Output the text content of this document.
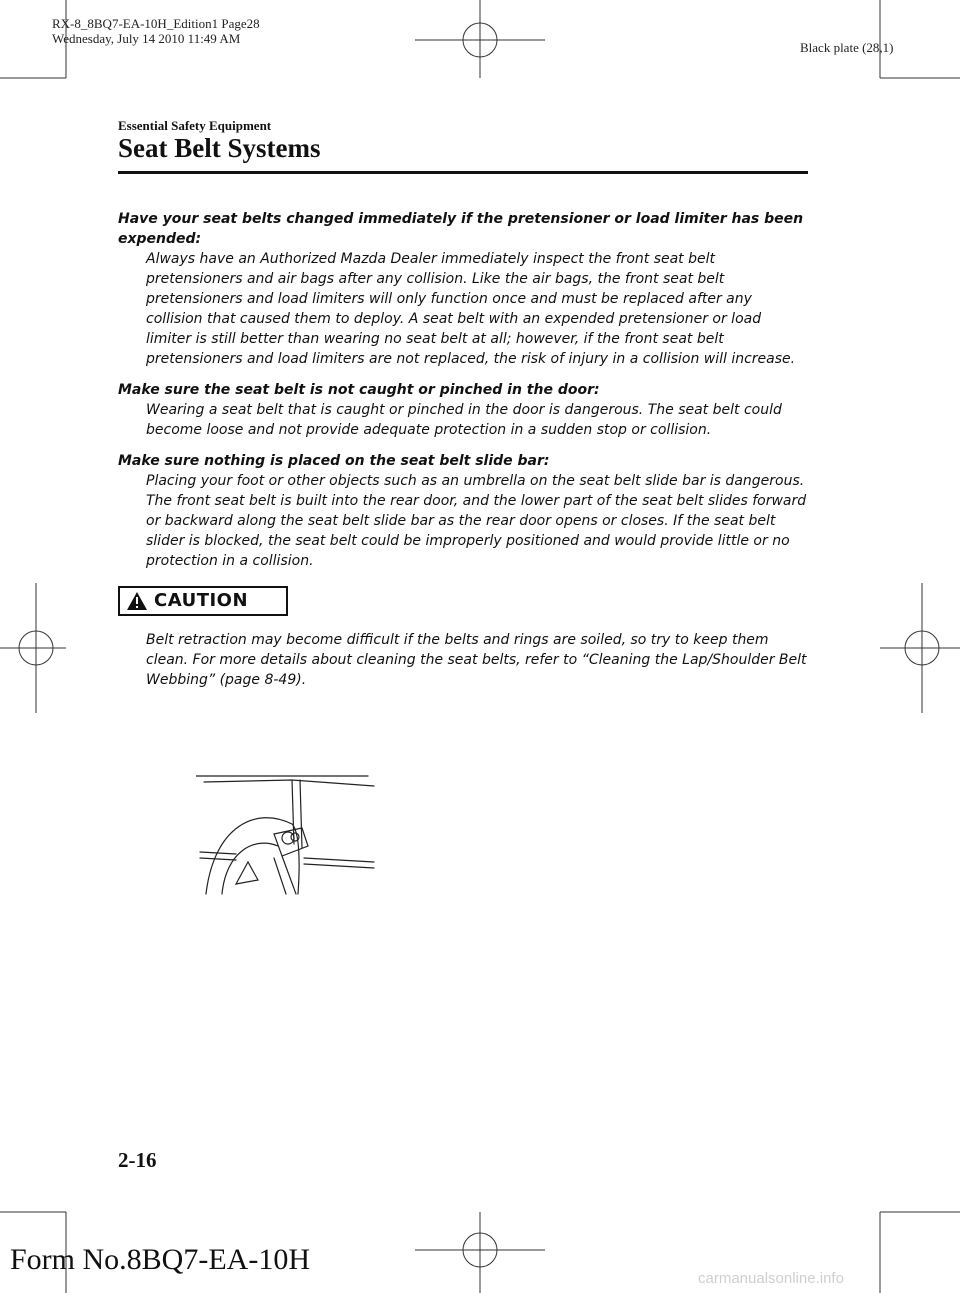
RX-8_8BQ7-EA-10H_Edition1 Page28
Wednesday, July 14 2010 11:49 AM
Black plate (28,1)
Essential Safety Equipment
Seat Belt Systems
Have your seat belts changed immediately if the pretensioner or load limiter has been expended:
Always have an Authorized Mazda Dealer immediately inspect the front seat belt pretensioners and air bags after any collision. Like the air bags, the front seat belt pretensioners and load limiters will only function once and must be replaced after any collision that caused them to deploy. A seat belt with an expended pretensioner or load limiter is still better than wearing no seat belt at all; however, if the front seat belt pretensioners and load limiters are not replaced, the risk of injury in a collision will increase.
Make sure the seat belt is not caught or pinched in the door:
Wearing a seat belt that is caught or pinched in the door is dangerous. The seat belt could become loose and not provide adequate protection in a sudden stop or collision.
Make sure nothing is placed on the seat belt slide bar:
Placing your foot or other objects such as an umbrella on the seat belt slide bar is dangerous. The front seat belt is built into the rear door, and the lower part of the seat belt slides forward or backward along the seat belt slide bar as the rear door opens or closes. If the seat belt slider is blocked, the seat belt could be improperly positioned and would provide little or no protection in a collision.
CAUTION
Belt retraction may become difficult if the belts and rings are soiled, so try to keep them clean. For more details about cleaning the seat belts, refer to “Cleaning the Lap/Shoulder Belt Webbing” (page 8-49).
2-16
Form No.8BQ7-EA-10H
carmanualsonline.info
